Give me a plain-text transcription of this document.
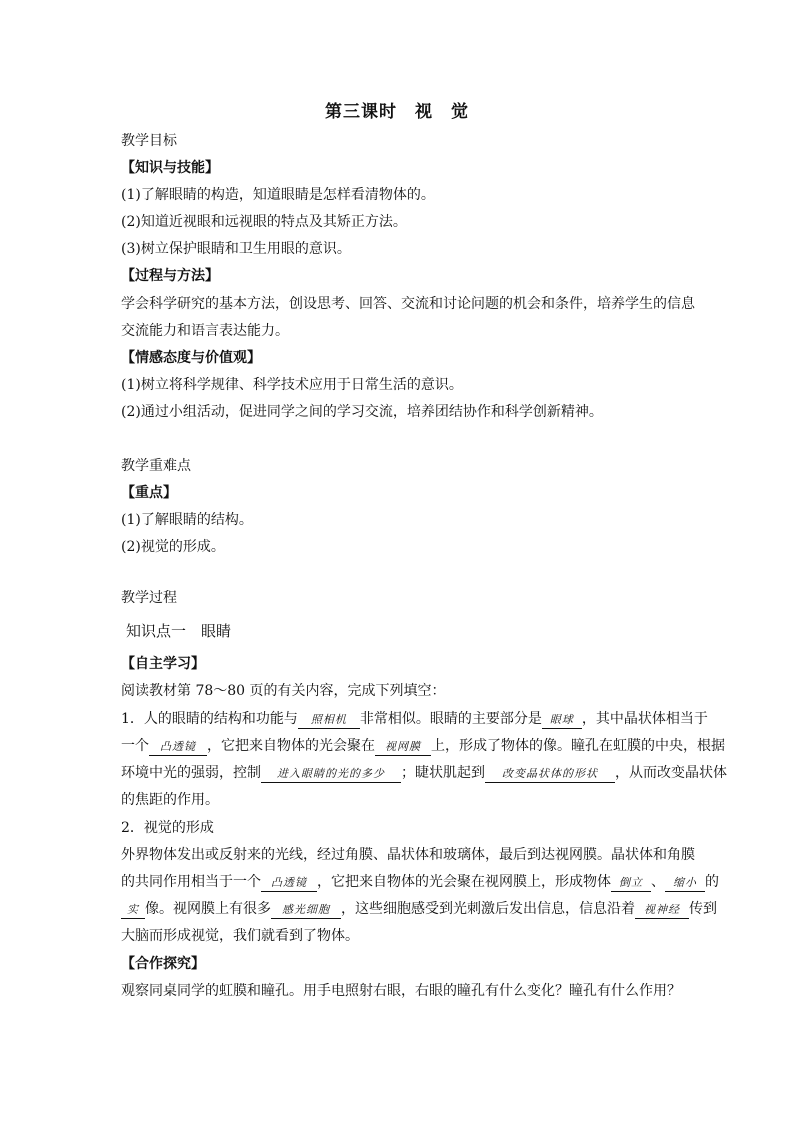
第三课时　视　觉
教学目标
【知识与技能】
(1)了解眼睛的构造，知道眼睛是怎样看清物体的。
(2)知道近视眼和远视眼的特点及其矫正方法。
(3)树立保护眼睛和卫生用眼的意识。
【过程与方法】
学会科学研究的基本方法，创设思考、回答、交流和讨论问题的机会和条件，培养学生的信息
交流能力和语言表达能力。
【情感态度与价值观】
(1)树立将科学规律、科学技术应用于日常生活的意识。
(2)通过小组活动，促进同学之间的学习交流，培养团结协作和科学创新精神。
教学重难点
【重点】
(1)了解眼睛的结构。
(2)视觉的形成。
教学过程
知识点一　眼睛
【自主学习】
阅读教材第 78～80 页的有关内容，完成下列填空：
1．人的眼睛的结构和功能与 照相机 非常相似。眼睛的主要部分是 眼球 ，其中晶状体相当于
一个 凸透镜 ，它把来自物体的光会聚在 视网膜 上，形成了物体的像。瞳孔在虹膜的中央，根据
环境中光的强弱，控制 进入眼睛的光的多少 ；睫状肌起到 改变晶状体的形状 ，从而改变晶状体
的焦距的作用。
2．视觉的形成
外界物体发出或反射来的光线，经过角膜、晶状体和玻璃体，最后到达视网膜。晶状体和角膜
的共同作用相当于一个 凸透镜 ，它把来自物体的光会聚在视网膜上，形成物体 倒立 、 缩小 的
实 像。视网膜上有很多 感光细胞 ，这些细胞感受到光刺激后发出信息，信息沿着 视神经 传到
大脑而形成视觉，我们就看到了物体。
【合作探究】
观察同桌同学的虹膜和瞳孔。用手电照射右眼，右眼的瞳孔有什么变化？瞳孔有什么作用？
